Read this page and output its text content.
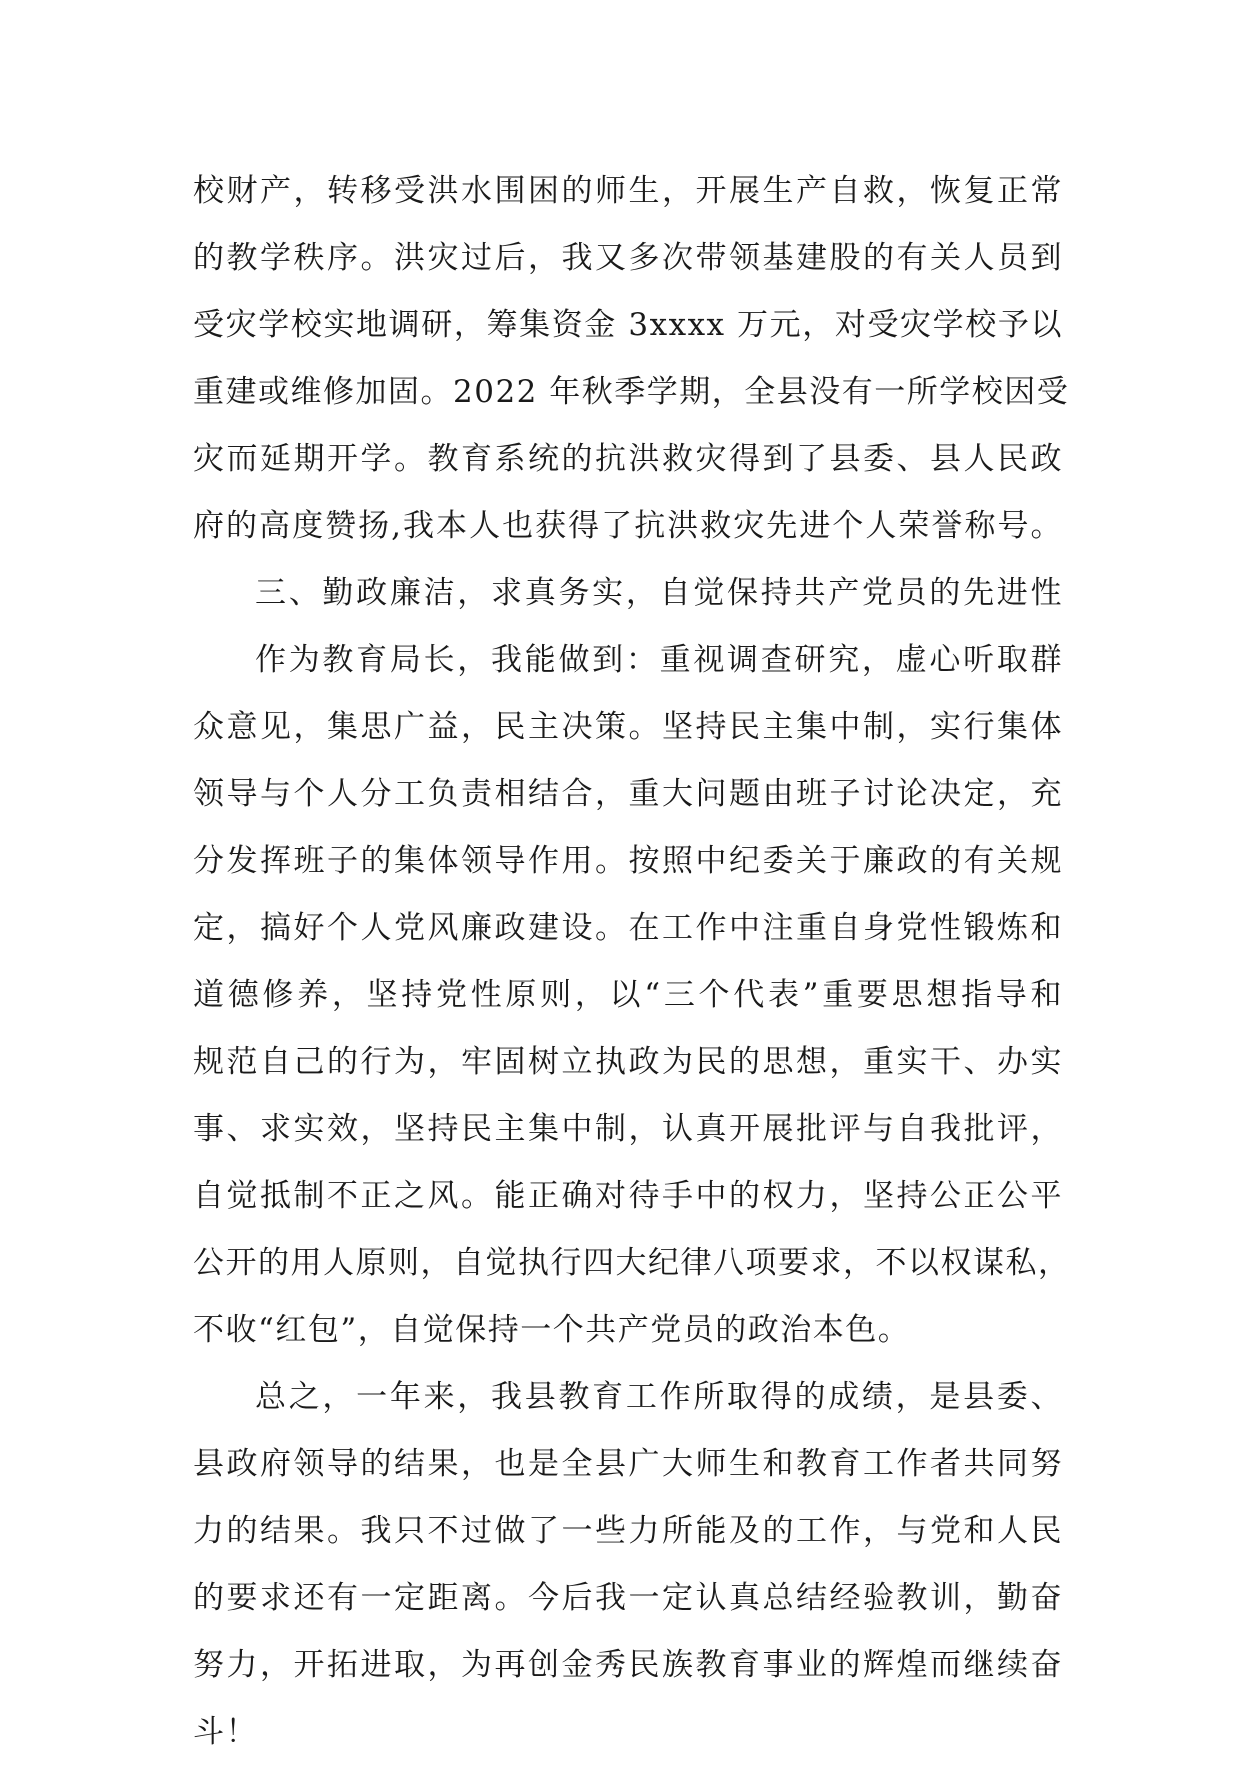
校财产，转移受洪水围困的师生，开展生产自救，恢复正常
的教学秩序。洪灾过后，我又多次带领基建股的有关人员到
受灾学校实地调研，筹集资金 3xxxx 万元，对受灾学校予以
重建或维修加固。2022 年秋季学期，全县没有一所学校因受
灾而延期开学。教育系统的抗洪救灾得到了县委、县人民政
府的高度赞扬,我本人也获得了抗洪救灾先进个人荣誉称号。
三、勤政廉洁，求真务实，自觉保持共产党员的先进性
作为教育局长，我能做到：重视调查研究，虚心听取群
众意见，集思广益，民主决策。坚持民主集中制，实行集体
领导与个人分工负责相结合，重大问题由班子讨论决定，充
分发挥班子的集体领导作用。按照中纪委关于廉政的有关规
定，搞好个人党风廉政建设。在工作中注重自身党性锻炼和
道德修养，坚持党性原则，以“三个代表”重要思想指导和
规范自己的行为，牢固树立执政为民的思想，重实干、办实
事、求实效，坚持民主集中制，认真开展批评与自我批评，
自觉抵制不正之风。能正确对待手中的权力，坚持公正公平
公开的用人原则，自觉执行四大纪律八项要求，不以权谋私，
不收“红包”，自觉保持一个共产党员的政治本色。
总之，一年来，我县教育工作所取得的成绩，是县委、
县政府领导的结果，也是全县广大师生和教育工作者共同努
力的结果。我只不过做了一些力所能及的工作，与党和人民
的要求还有一定距离。今后我一定认真总结经验教训，勤奋
努力，开拓进取，为再创金秀民族教育事业的辉煌而继续奋
斗！
